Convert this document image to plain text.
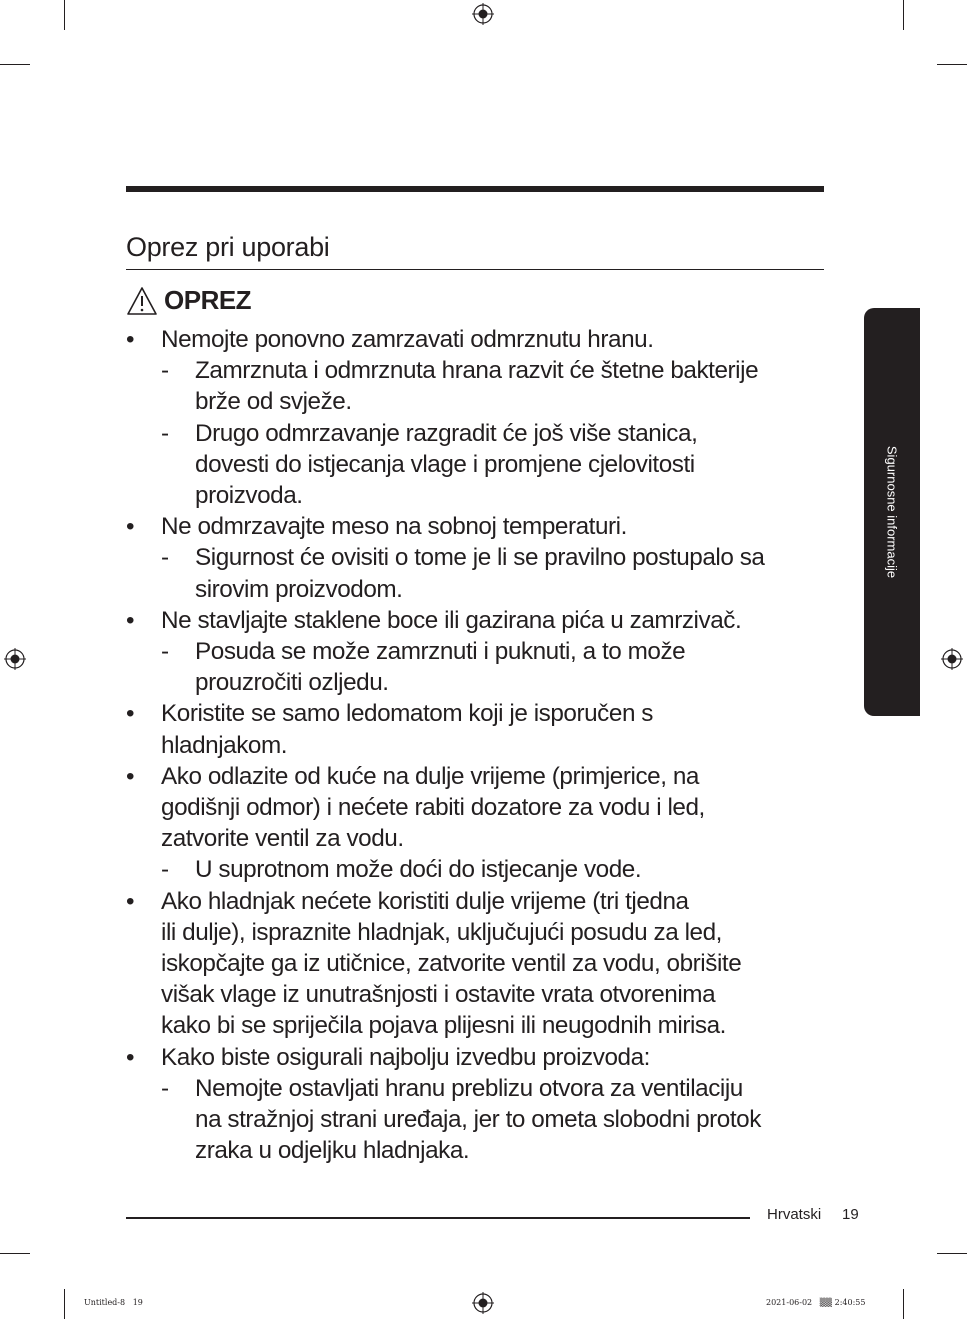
Oprez pri uporabi
OPREZ
• Nemojte ponovno zamrzavati odmrznutu hranu.
- Zamrznuta i odmrznuta hrana razvit će štetne bakterije
brže od svježe.
- Drugo odmrzavanje razgradit će još više stanica,
dovesti do istjecanja vlage i promjene cjelovitosti
proizvoda.
• Ne odmrzavajte meso na sobnoj temperaturi.
- Sigurnost će ovisiti o tome je li se pravilno postupalo sa
sirovim proizvodom.
• Ne stavljajte staklene boce ili gazirana pića u zamrzivač.
- Posuda se može zamrznuti i puknuti, a to može
prouzročiti ozljedu.
• Koristite se samo ledomatom koji je isporučen s
hladnjakom.
• Ako odlazite od kuće na dulje vrijeme (primjerice, na
godišnji odmor) i nećete rabiti dozatore za vodu i led,
zatvorite ventil za vodu.
- U suprotnom može doći do istjecanje vode.
• Ako hladnjak nećete koristiti dulje vrijeme (tri tjedna
ili dulje), ispraznite hladnjak, uključujući posudu za led,
iskopčajte ga iz utičnice, zatvorite ventil za vodu, obrišite
višak vlage iz unutrašnjosti i ostavite vrata otvorenima
kako bi se spriječila pojava plijesni ili neugodnih mirisa.
• Kako biste osigurali najbolju izvedbu proizvoda:
- Nemojte ostavljati hranu preblizu otvora za ventilaciju
na stražnjoj strani uređaja, jer to ometa slobodni protok
zraka u odjeljku hladnjaka.
Sigurnosne informacije
Hrvatski 19
Untitled-8   19	2021-06-02   ▒▒ 2:40:55
